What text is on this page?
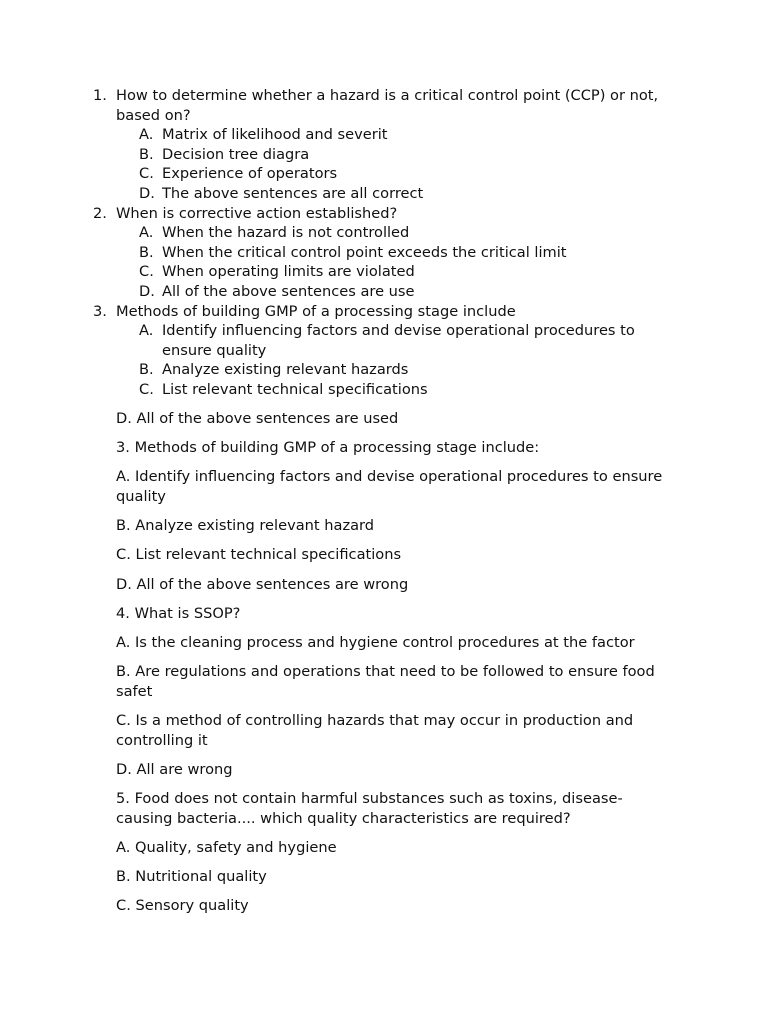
1. How to determine whether a hazard is a critical control point (CCP) or not, based on?
A. Matrix of likelihood and severit
B. Decision tree diagra
C. Experience of operators
D. The above sentences are all correct
2. When is corrective action established?
A. When the hazard is not controlled
B. When the critical control point exceeds the critical limit
C. When operating limits are violated
D. All of the above sentences are use
3. Methods of building GMP of a processing stage include
A. Identify influencing factors and devise operational procedures to ensure quality
B. Analyze existing relevant hazards
C. List relevant technical specifications

D. All of the above sentences are used

3. Methods of building GMP of a processing stage include:

A. Identify influencing factors and devise operational procedures to ensure quality

B. Analyze existing relevant hazard

C. List relevant technical specifications

D. All of the above sentences are wrong

4. What is SSOP?

A. Is the cleaning process and hygiene control procedures at the factor

B. Are regulations and operations that need to be followed to ensure food safet

C. Is a method of controlling hazards that may occur in production and controlling it

D. All are wrong

5. Food does not contain harmful substances such as toxins, disease-causing bacteria.... which quality characteristics are required?

A. Quality, safety and hygiene

B. Nutritional quality

C. Sensory quality
